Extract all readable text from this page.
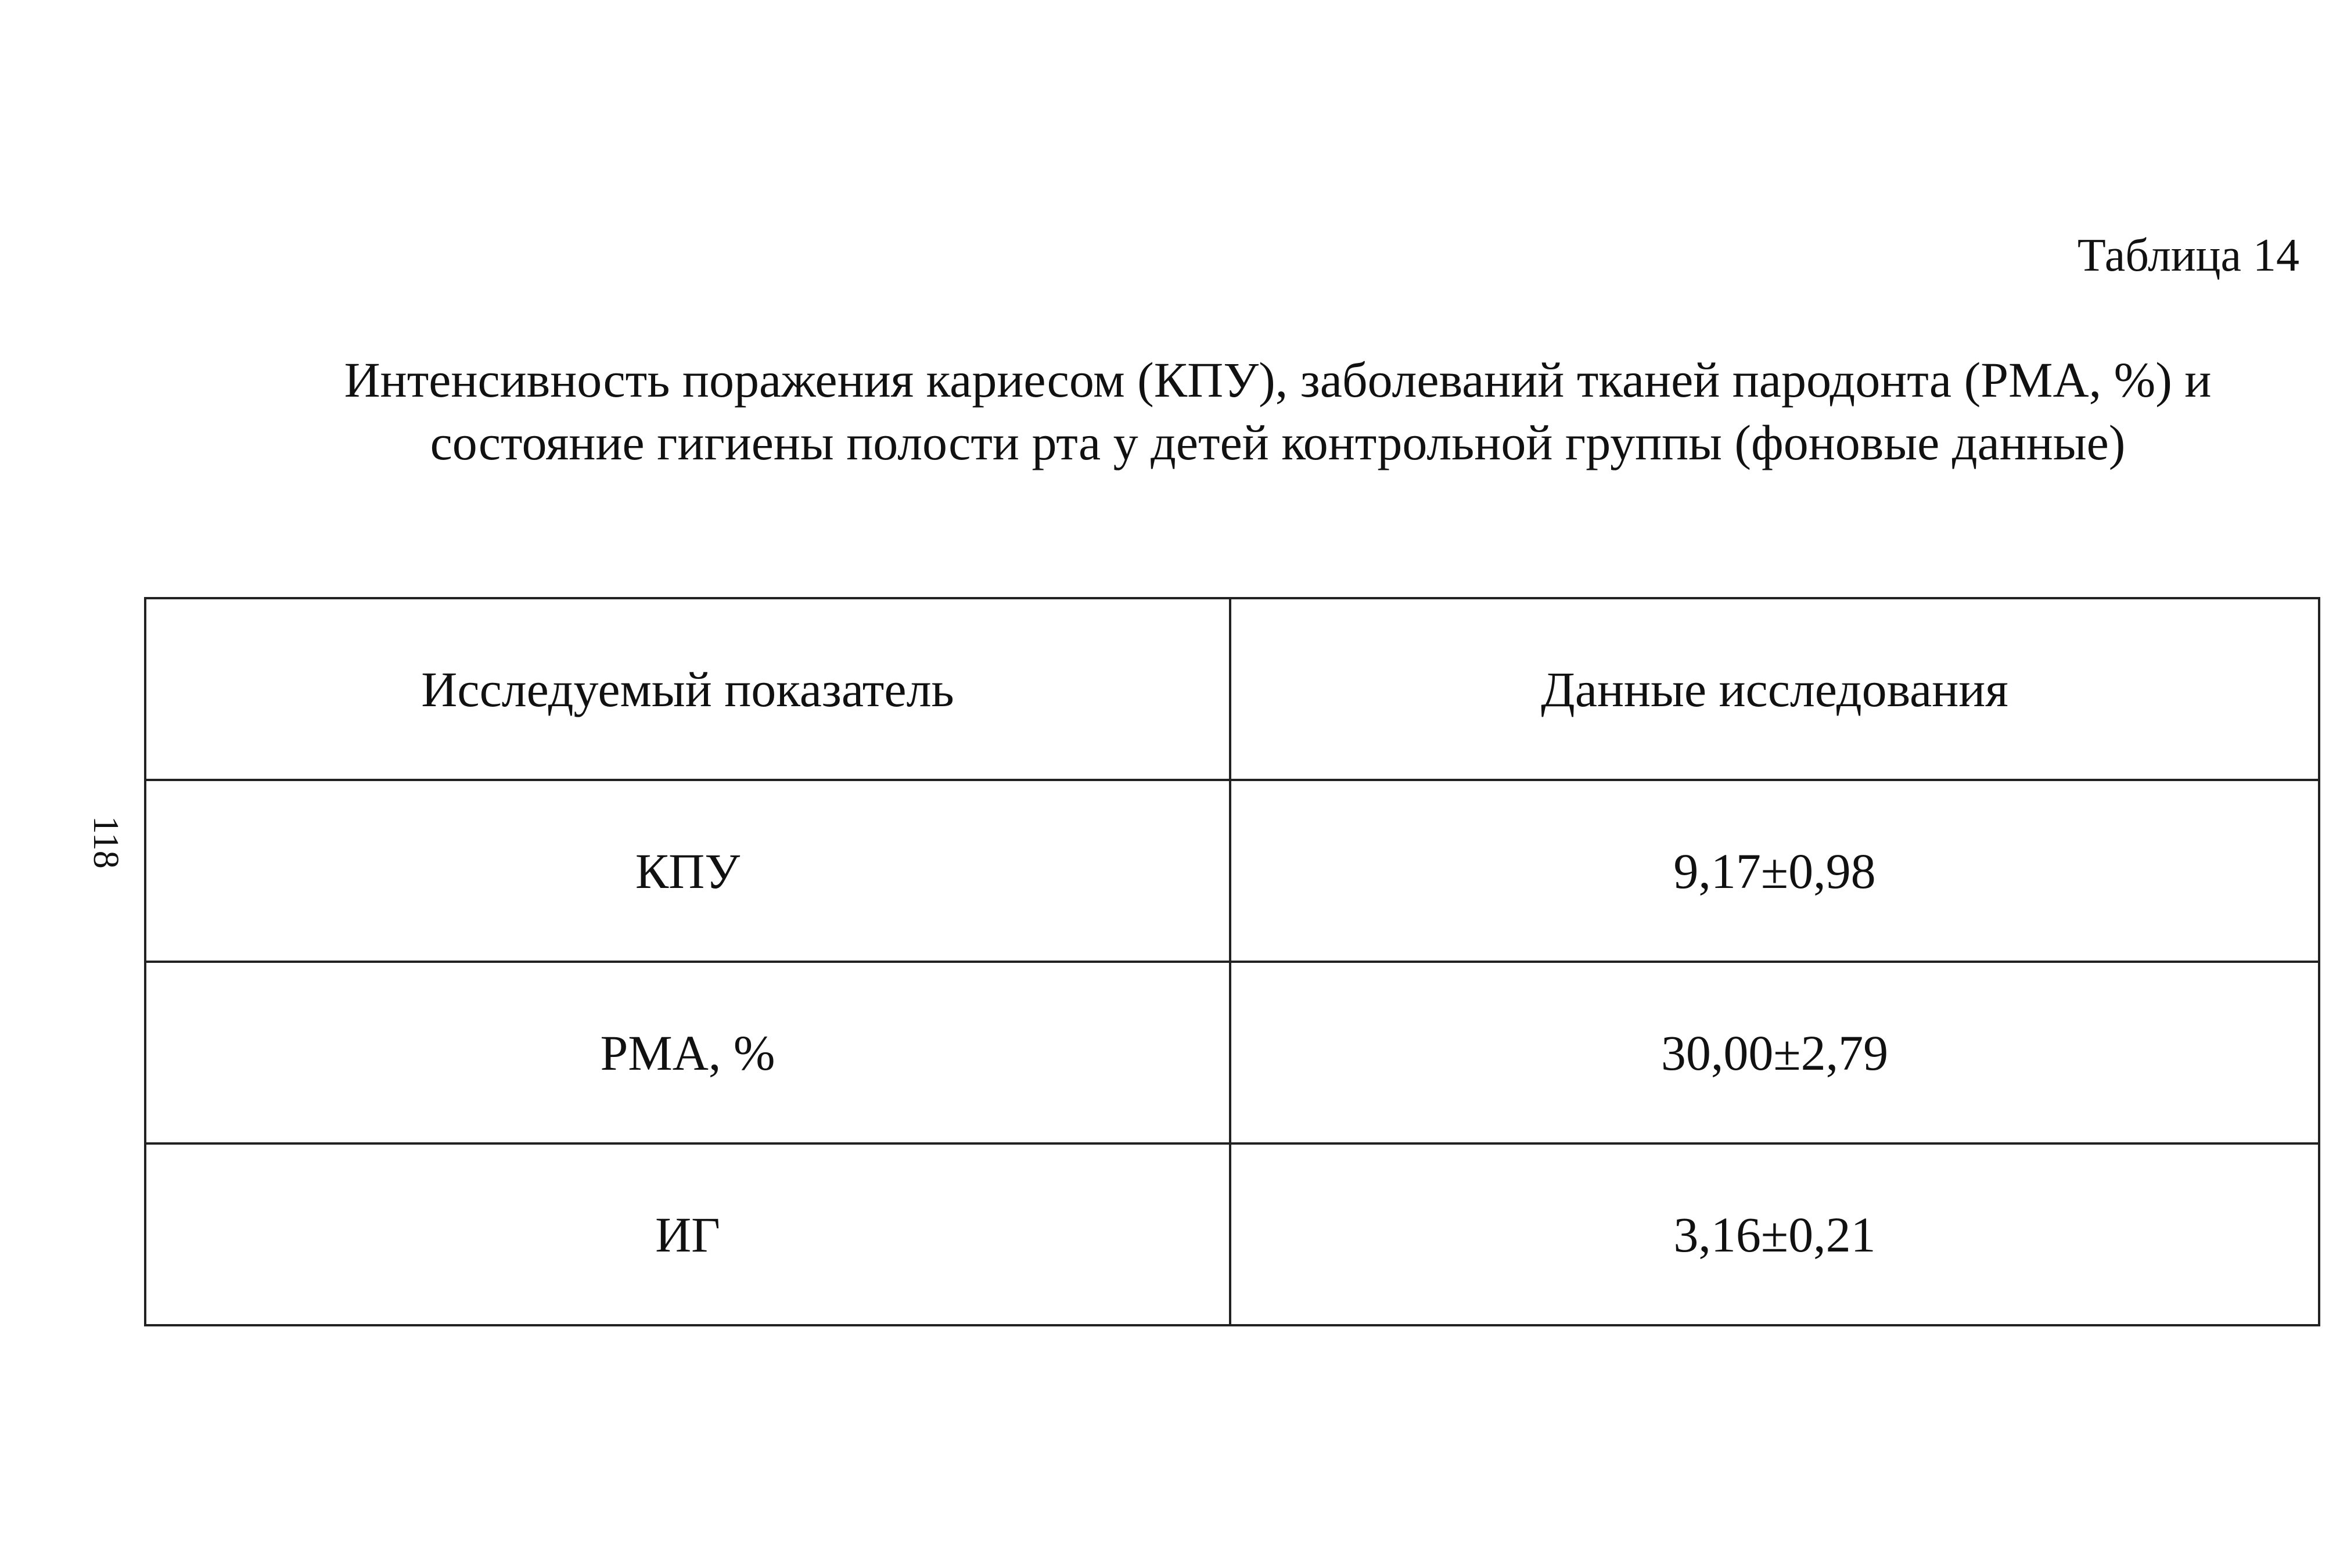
Таблица 14
Интенсивность поражения кариесом (КПУ), заболеваний тканей пародонта (РМА, %) и
состояние гигиены полости рта у детей контрольной группы (фоновые данные)
118
Исследуемый показатель	Данные исследования
КПУ	9,17±0,98
РМА, %	30,00±2,79
ИГ	3,16±0,21
